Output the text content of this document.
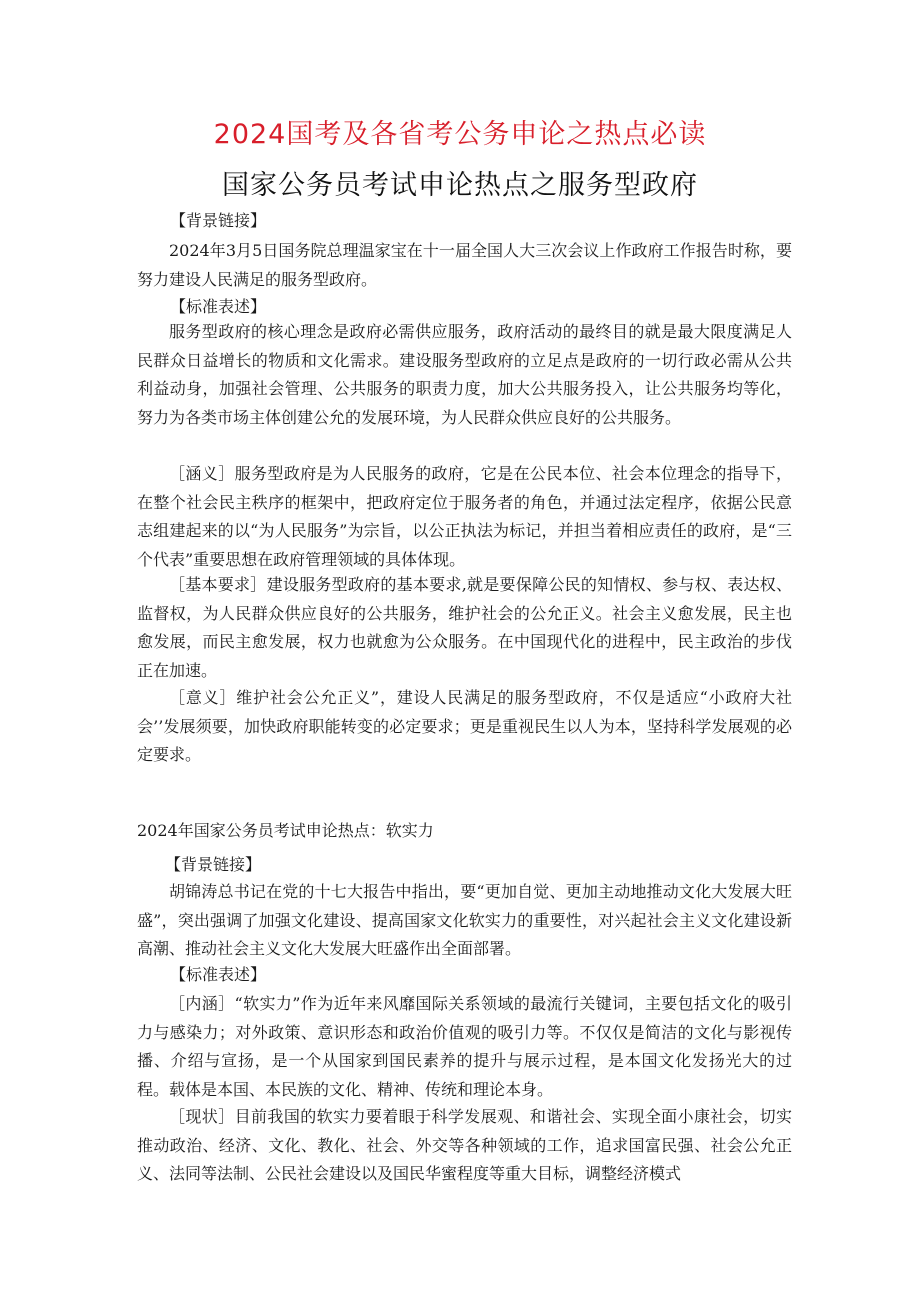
2024国考及各省考公务申论之热点必读
国家公务员考试申论热点之服务型政府
【背景链接】
2024年3月5日国务院总理温家宝在十一届全国人大三次会议上作政府工作报告时称，要努力建设人民满足的服务型政府。
【标准表述】
服务型政府的核心理念是政府必需供应服务，政府活动的最终目的就是最大限度满足人民群众日益增长的物质和文化需求。建设服务型政府的立足点是政府的一切行政必需从公共利益动身，加强社会管理、公共服务的职责力度，加大公共服务投入，让公共服务均等化，努力为各类市场主体创建公允的发展环境，为人民群众供应良好的公共服务。
［涵义］服务型政府是为人民服务的政府，它是在公民本位、社会本位理念的指导下，在整个社会民主秩序的框架中，把政府定位于服务者的角色，并通过法定程序，依据公民意志组建起来的以“为人民服务”为宗旨，以公正执法为标记，并担当着相应责任的政府，是“三个代表”重要思想在政府管理领域的具体体现。
［基本要求］建设服务型政府的基本要求,就是要保障公民的知情权、参与权、表达权、监督权，为人民群众供应良好的公共服务，维护社会的公允正义。社会主义愈发展，民主也愈发展，而民主愈发展，权力也就愈为公众服务。在中国现代化的进程中，民主政治的步伐正在加速。
［意义］维护社会公允正义”，建设人民满足的服务型政府，不仅是适应“小政府大社会’’发展须要，加快政府职能转变的必定要求；更是重视民生以人为本，坚持科学发展观的必定要求。
2024年国家公务员考试申论热点：软实力
【背景链接】
胡锦涛总书记在党的十七大报告中指出，要“更加自觉、更加主动地推动文化大发展大旺盛”，突出强调了加强文化建设、提高国家文化软实力的重要性，对兴起社会主义文化建设新高潮、推动社会主义文化大发展大旺盛作出全面部署。
【标准表述】
［内涵］“软实力”作为近年来风靡国际关系领域的最流行关键词，主要包括文化的吸引力与感染力；对外政策、意识形态和政治价值观的吸引力等。不仅仅是简洁的文化与影视传播、介绍与宣扬，是一个从国家到国民素养的提升与展示过程，是本国文化发扬光大的过程。载体是本国、本民族的文化、精神、传统和理论本身。
［现状］目前我国的软实力要着眼于科学发展观、和谐社会、实现全面小康社会，切实推动政治、经济、文化、教化、社会、外交等各种领域的工作，追求国富民强、社会公允正义、法同等法制、公民社会建设以及国民华蜜程度等重大目标，调整经济模式
